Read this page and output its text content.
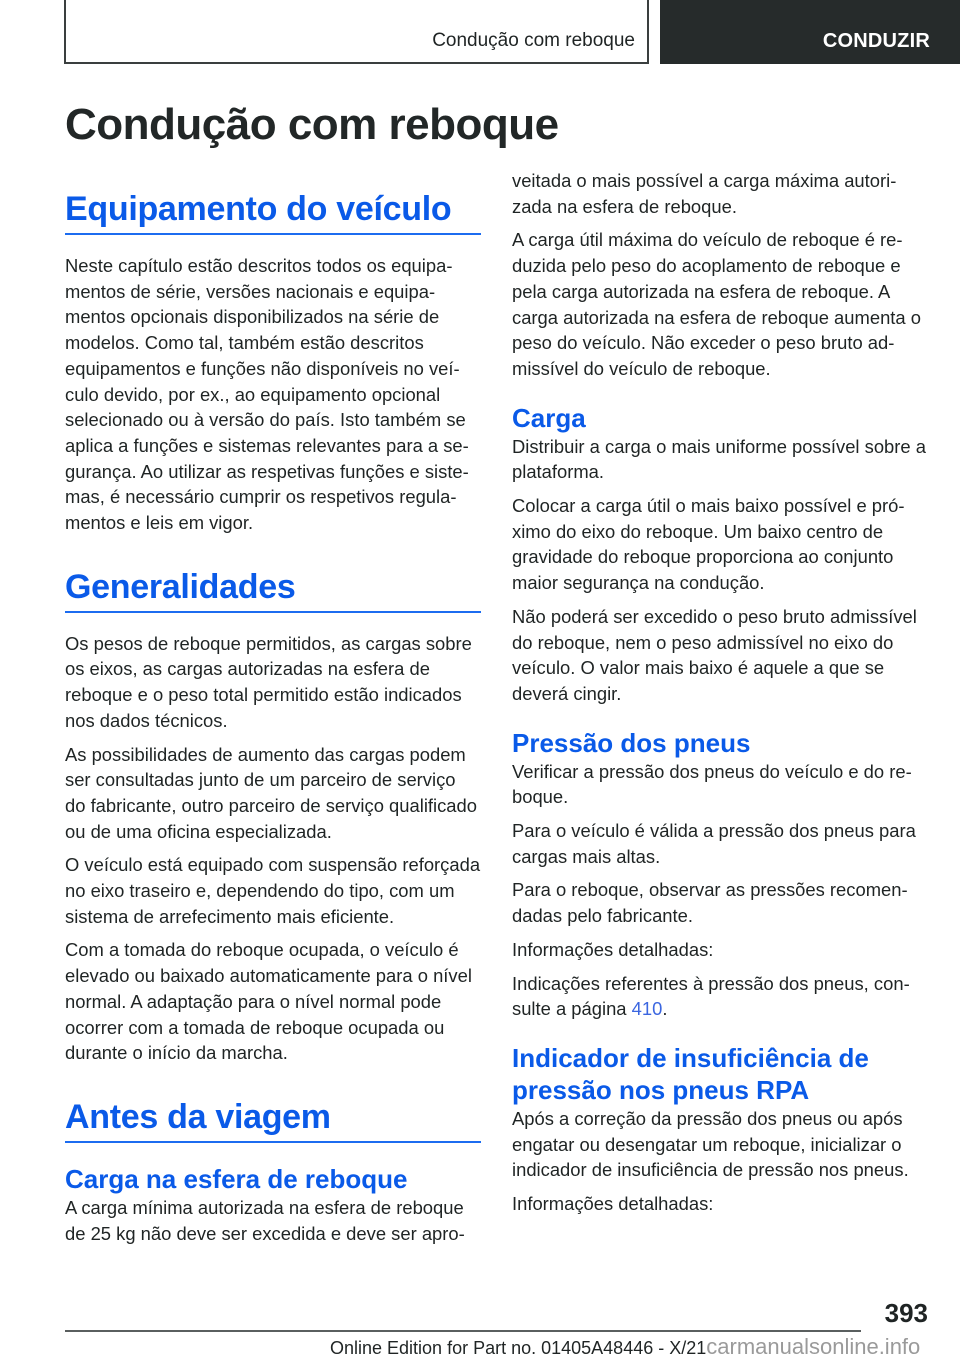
Condução com reboque	CONDUZIR
Condução com reboque
Equipamento do veículo

Neste capítulo estão descritos todos os equipamentos de série, versões nacionais e equipamentos opcionais disponibilizados na série de modelos. Como tal, também estão descritos equipamentos e funções não disponíveis no veículo devido, por ex., ao equipamento opcional selecionado ou à versão do país. Isto também se aplica a funções e sistemas relevantes para a segurança. Ao utilizar as respetivas funções e sistemas, é necessário cumprir os respetivos regulamentos e leis em vigor.

Generalidades

Os pesos de reboque permitidos, as cargas sobre os eixos, as cargas autorizadas na esfera de reboque e o peso total permitido estão indicados nos dados técnicos.

As possibilidades de aumento das cargas podem ser consultadas junto de um parceiro de serviço do fabricante, outro parceiro de serviço qualificado ou de uma oficina especializada.

O veículo está equipado com suspensão reforçada no eixo traseiro e, dependendo do tipo, com um sistema de arrefecimento mais eficiente.

Com a tomada do reboque ocupada, o veículo é elevado ou baixado automaticamente para o nível normal. A adaptação para o nível normal pode ocorrer com a tomada de reboque ocupada ou durante o início da marcha.

Antes da viagem
Carga na esfera de reboque

A carga mínima autorizada na esfera de reboque de 25 kg não deve ser excedida e deve ser apro-

veitada o mais possível a carga máxima autorizada na esfera de reboque.

A carga útil máxima do veículo de reboque é reduzida pelo peso do acoplamento de reboque e pela carga autorizada na esfera de reboque. A carga autorizada na esfera de reboque aumenta o peso do veículo. Não exceder o peso bruto admissível do veículo de reboque.

Carga

Distribuir a carga o mais uniforme possível sobre a plataforma.

Colocar a carga útil o mais baixo possível e próximo do eixo do reboque. Um baixo centro de gravidade do reboque proporciona ao conjunto maior segurança na condução.

Não poderá ser excedido o peso bruto admissível do reboque, nem o peso admissível no eixo do veículo. O valor mais baixo é aquele a que se deverá cingir.

Pressão dos pneus

Verificar a pressão dos pneus do veículo e do reboque.

Para o veículo é válida a pressão dos pneus para cargas mais altas.

Para o reboque, observar as pressões recomendadas pelo fabricante.

Informações detalhadas:

Indicações referentes à pressão dos pneus, consulte a página 410.

Indicador de insuficiência de pressão nos pneus RPA

Após a correção da pressão dos pneus ou após engatar ou desengatar um reboque, inicializar o indicador de insuficiência de pressão nos pneus.

Informações detalhadas:

393
Online Edition for Part no. 01405A48446 - X/21carmanualsonline.info
